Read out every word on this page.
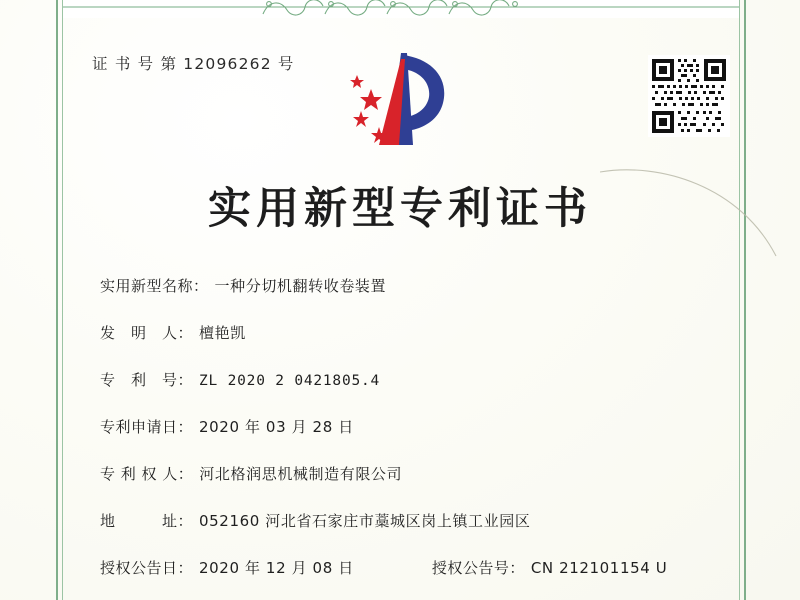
证 书 号 第 12096262 号
实用新型专利证书
实用新型名称： 一种分切机翻转收卷装置
发　明　人： 檀艳凯
专　利　号： ZL 2020 2 0421805.4
专利申请日： 2020 年 03 月 28 日
专 利 权 人： 河北格润思机械制造有限公司
地　　　址： 052160 河北省石家庄市藁城区岗上镇工业园区
授权公告日： 2020 年 12 月 08 日	授权公告号： CN 212101154 U
